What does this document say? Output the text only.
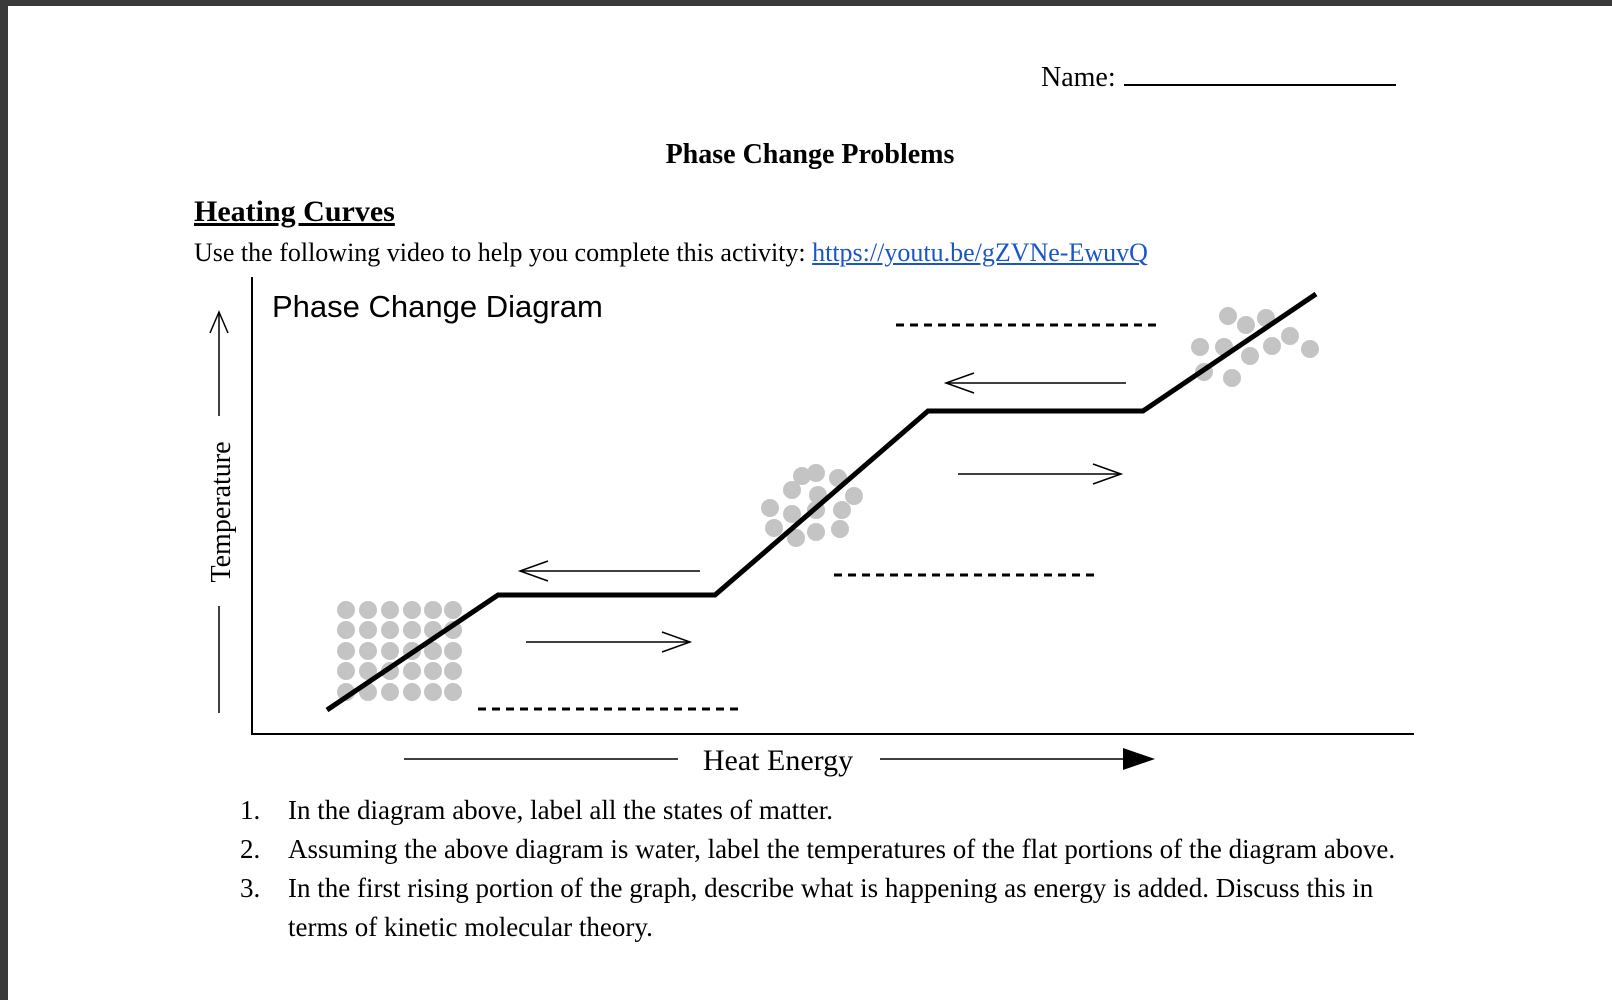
Name:
Phase Change Problems
Heating Curves
Use the following video to help you complete this activity: https://youtu.be/gZVNe-EwuvQ
Phase Change Diagram
Temperature
Heat Energy
1.	In the diagram above, label all the states of matter.
2.	Assuming the above diagram is water, label the temperatures of the flat portions of the diagram above.
3.	In the first rising portion of the graph, describe what is happening as energy is added. Discuss this in terms of kinetic molecular theory.
